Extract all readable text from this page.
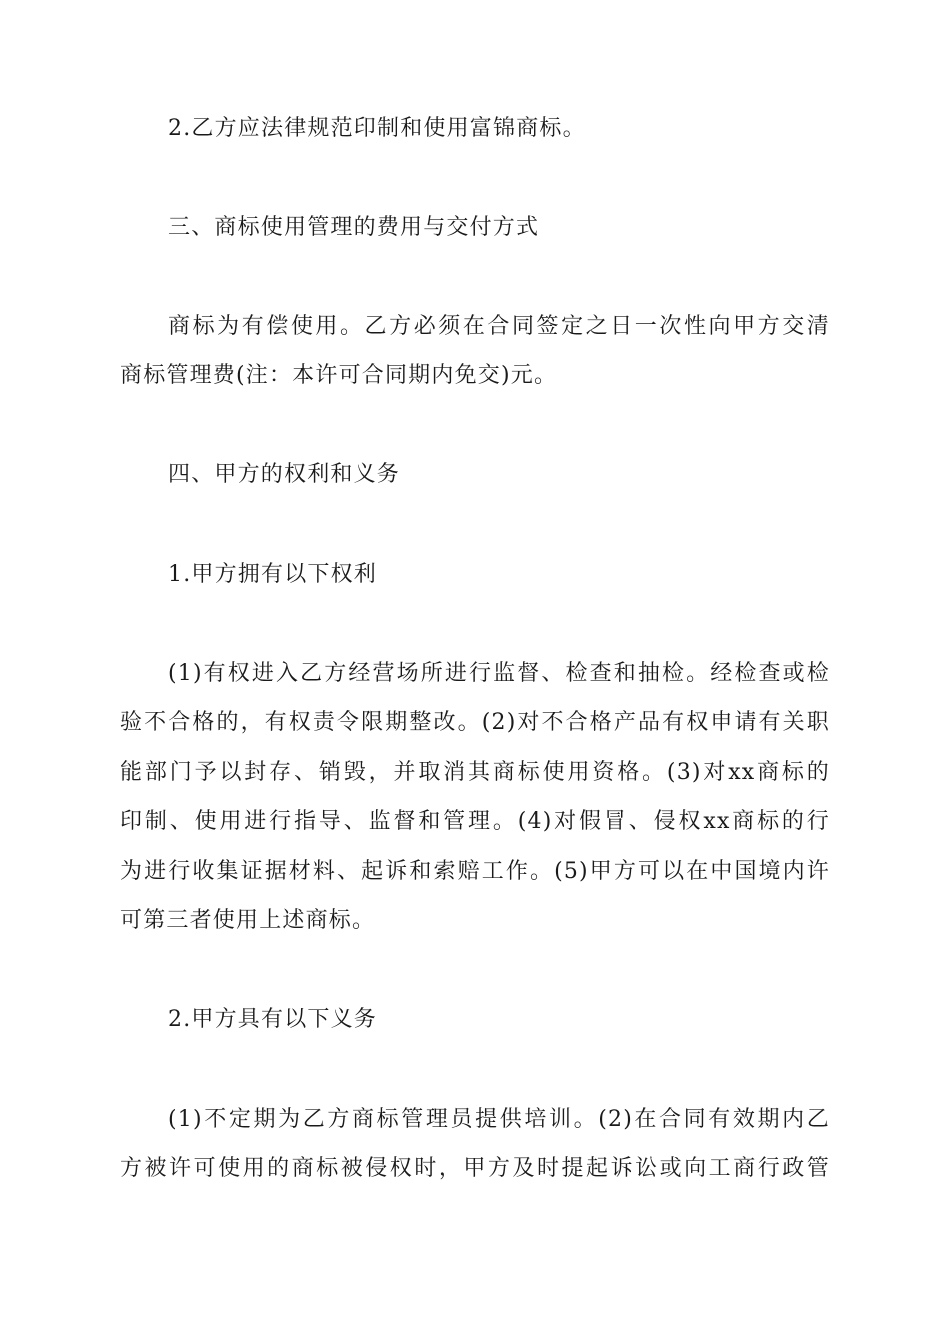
2.乙方应法律规范印制和使用富锦商标。
三、商标使用管理的费用与交付方式
商标为有偿使用。乙方必须在合同签定之日一次性向甲方交清
商标管理费(注：本许可合同期内免交)元。
四、甲方的权利和义务
1.甲方拥有以下权利
(1)有权进入乙方经营场所进行监督、检查和抽检。经检查或检
验不合格的，有权责令限期整改。(2)对不合格产品有权申请有关职
能部门予以封存、销毁，并取消其商标使用资格。(3)对xx商标的
印制、使用进行指导、监督和管理。(4)对假冒、侵权xx商标的行
为进行收集证据材料、起诉和索赔工作。(5)甲方可以在中国境内许
可第三者使用上述商标。
2.甲方具有以下义务
(1)不定期为乙方商标管理员提供培训。(2)在合同有效期内乙
方被许可使用的商标被侵权时，甲方及时提起诉讼或向工商行政管
